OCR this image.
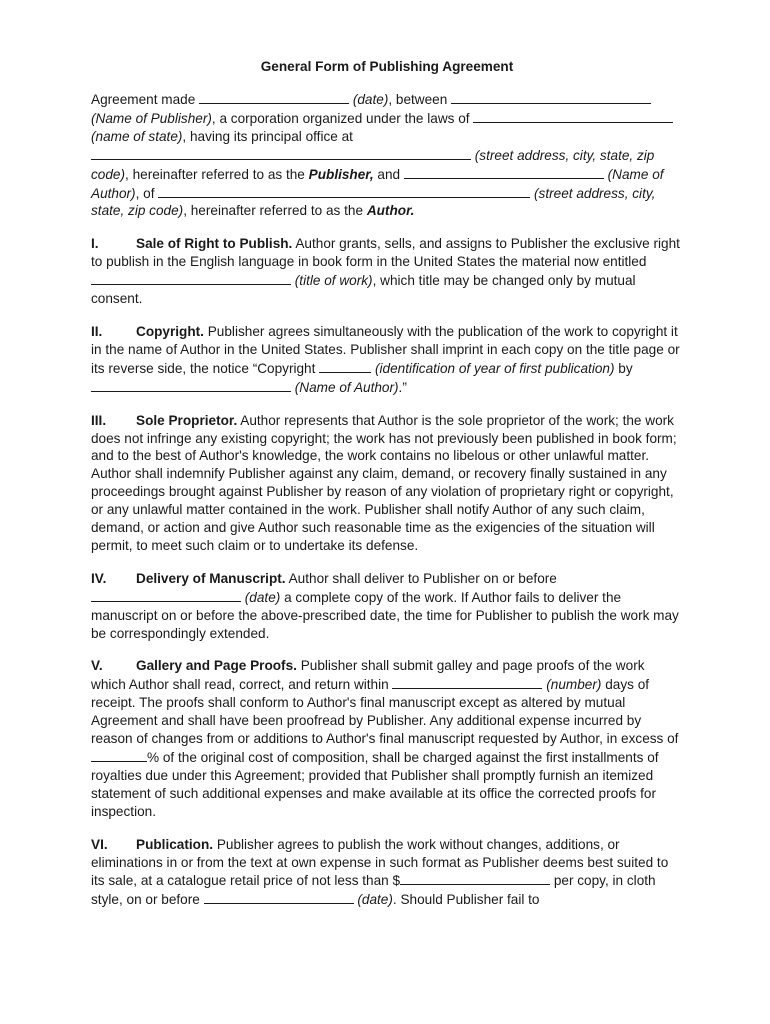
General Form of Publishing Agreement

Agreement made	(date), between  (Name of Publisher), a corporation organized under the laws of  (name of state), having its principal office at  (street address, city, state, zip code), hereinafter referred to as the Publisher, and	(Name of Author), of	(street address, city, state, zip code), hereinafter referred to as the Author.

I.	Sale of Right to Publish. Author grants, sells, and assigns to Publisher the exclusive right to publish in the English language in book form in the United States the material now entitled  (title of work), which title may be changed only by mutual consent.

II. Copyright. Publisher agrees simultaneously with the publication of the work to copyright it in the name of Author in the United States. Publisher shall imprint in each copy on the title page or its reverse side, the notice “Copyright	(identification of year of first publication) by  (Name of Author).”

III. Sole Proprietor. Author represents that Author is the sole proprietor of the work; the work does not infringe any existing copyright; the work has not previously been published in book form; and to the best of Author's knowledge, the work contains no libelous or other unlawful matter. Author shall indemnify Publisher against any claim, demand, or recovery finally sustained in any proceedings brought against Publisher by reason of any violation of proprietary right or copyright, or any unlawful matter contained in the work. Publisher shall notify Author of any such claim, demand, or action and give Author such reasonable time as the exigencies of the situation will permit, to meet such claim or to undertake its defense.

IV. Delivery of Manuscript. Author shall deliver to Publisher on or before  (date) a complete copy of the work. If Author fails to deliver the manuscript on or before the above-prescribed date, the time for Publisher to publish the work may be correspondingly extended.

V. Gallery and Page Proofs. Publisher shall submit galley and page proofs of the work which Author shall read, correct, and return within	(number) days of receipt. The proofs shall conform to Author's final manuscript except as altered by mutual Agreement and shall have been proofread by Publisher. Any additional expense incurred by reason of changes from or additions to Author's final manuscript requested by Author, in excess of % of the original cost of composition, shall be charged against the first installments of royalties due under this Agreement; provided that Publisher shall promptly furnish an itemized statement of such additional expenses and make available at its office the corrected proofs for inspection.

VI. Publication. Publisher agrees to publish the work without changes, additions, or eliminations in or from the text at own expense in such format as Publisher deems best suited to its sale, at a catalogue retail price of not less than $	per copy, in cloth style, on or before	(date). Should Publisher fail to
